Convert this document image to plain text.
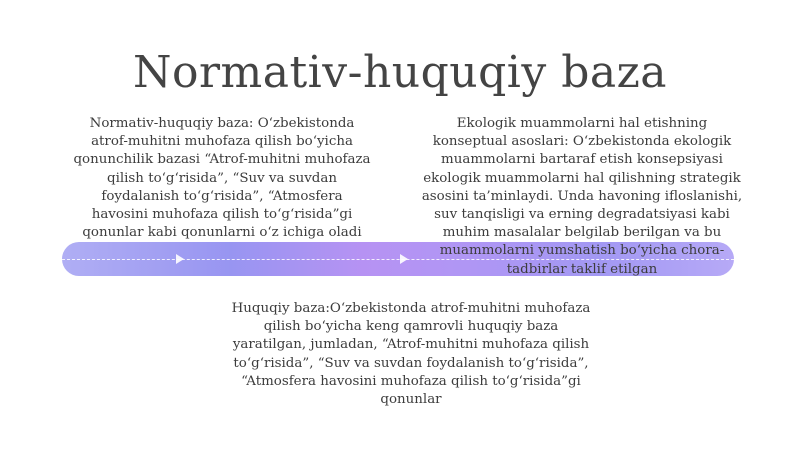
Normativ-huquqiy baza
Normativ-huquqiy baza: O‘zbekistonda atrof-muhitni muhofaza qilish bo‘yicha qonunchilik bazasi “Atrof-muhitni muhofaza qilish to‘g‘risida”, “Suv va suvdan foydalanish to‘g‘risida”, “Atmosfera havosini muhofaza qilish to‘g‘risida”gi qonunlar kabi qonunlarni o‘z ichiga oladi
Ekologik muammolarni hal etishning konseptual asoslari: O‘zbekistonda ekologik muammolarni bartaraf etish konsepsiyasi ekologik muammolarni hal qilishning strategik asosini ta’minlaydi. Unda havoning ifloslanishi, suv tanqisligi va erning degradatsiyasi kabi muhim masalalar belgilab berilgan va bu muammolarni yumshatish bo‘yicha chora-tadbirlar taklif etilgan
Huquqiy baza:O‘zbekistonda atrof-muhitni muhofaza qilish bo‘yicha keng qamrovli huquqiy baza yaratilgan, jumladan, “Atrof-muhitni muhofaza qilish to‘g‘risida”, “Suv va suvdan foydalanish to‘g‘risida”, “Atmosfera havosini muhofaza qilish to‘g‘risida”gi qonunlar
